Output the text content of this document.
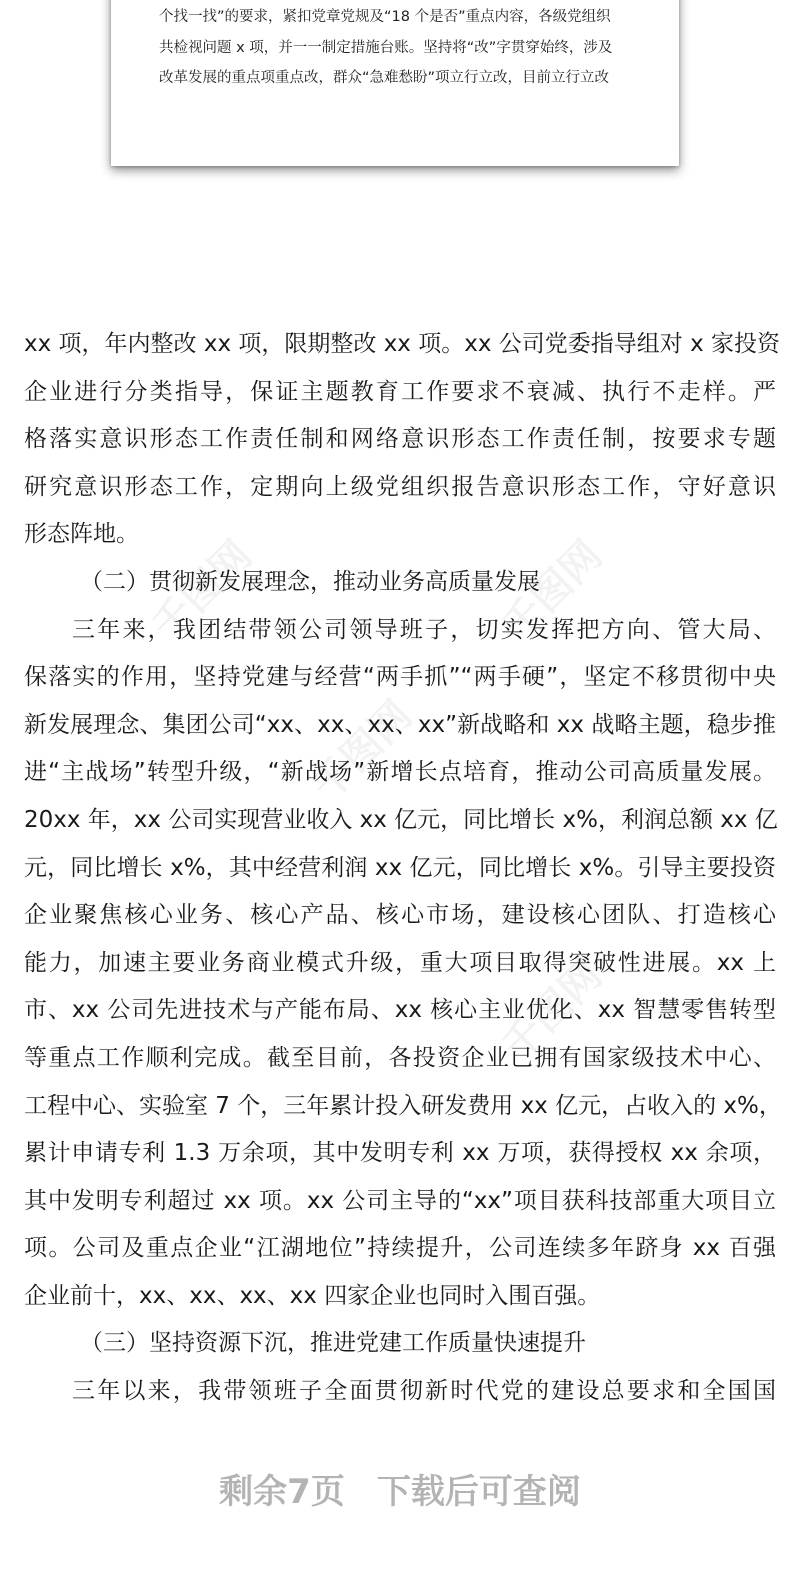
个找一找”的要求，紧扣党章党规及“18 个是否”重点内容，各级党组织
共检视问题 x 项，并一一制定措施台账。坚持将“改”字贯穿始终，涉及
改革发展的重点项重点改，群众“急难愁盼”项立行立改，目前立行立改
千图网	千图网
千图网
千图网
xx 项，年内整改 xx 项，限期整改 xx 项。xx 公司党委指导组对 x 家投资
企业进行分类指导，保证主题教育工作要求不衰减、执行不走样。严
格落实意识形态工作责任制和网络意识形态工作责任制，按要求专题
研究意识形态工作，定期向上级党组织报告意识形态工作，守好意识
形态阵地。
（二）贯彻新发展理念，推动业务高质量发展
三年来，我团结带领公司领导班子，切实发挥把方向、管大局、
保落实的作用，坚持党建与经营“两手抓”“两手硬”，坚定不移贯彻中央
新发展理念、集团公司“xx、xx、xx、xx”新战略和 xx 战略主题，稳步推
进“主战场”转型升级，“新战场”新增长点培育，推动公司高质量发展。
20xx 年，xx 公司实现营业收入 xx 亿元，同比增长 x%，利润总额 xx 亿
元，同比增长 x%，其中经营利润 xx 亿元，同比增长 x%。引导主要投资
企业聚焦核心业务、核心产品、核心市场，建设核心团队、打造核心
能力，加速主要业务商业模式升级，重大项目取得突破性进展。xx 上
市、xx 公司先进技术与产能布局、xx 核心主业优化、xx 智慧零售转型
等重点工作顺利完成。截至目前，各投资企业已拥有国家级技术中心、
工程中心、实验室 7 个，三年累计投入研发费用 xx 亿元，占收入的 x%，
累计申请专利 1.3 万余项，其中发明专利 xx 万项，获得授权 xx 余项，
其中发明专利超过 xx 项。xx 公司主导的“xx”项目获科技部重大项目立
项。公司及重点企业“江湖地位”持续提升，公司连续多年跻身 xx 百强
企业前十，xx、xx、xx、xx 四家企业也同时入围百强。
（三）坚持资源下沉，推进党建工作质量快速提升
三年以来，我带领班子全面贯彻新时代党的建设总要求和全国国
剩余7页 下载后可查阅
